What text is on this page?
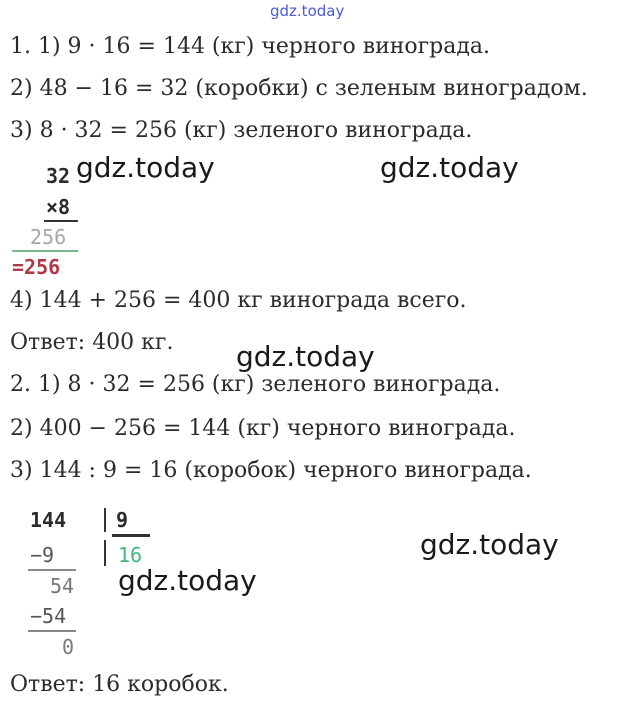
gdz.today
1. 1) 9 · 16 = 144 (кг) черного винограда.
2) 48 − 16 = 32 (коробки) с зеленым виноградом.
3) 8 · 32 = 256 (кг) зеленого винограда.
32
×8
256
=256
gdz.today	gdz.today
4) 144 + 256 = 400 кг винограда всего.
Ответ: 400 кг. gdz.today
2. 1) 8 · 32 = 256 (кг) зеленого винограда.
2) 400 − 256 = 144 (кг) черного винограда.
3) 144 : 9 = 16 (коробок) черного винограда.
144 9
16
−9
54
−54
0
gdz.today
gdz.today
Ответ: 16 коробок.
